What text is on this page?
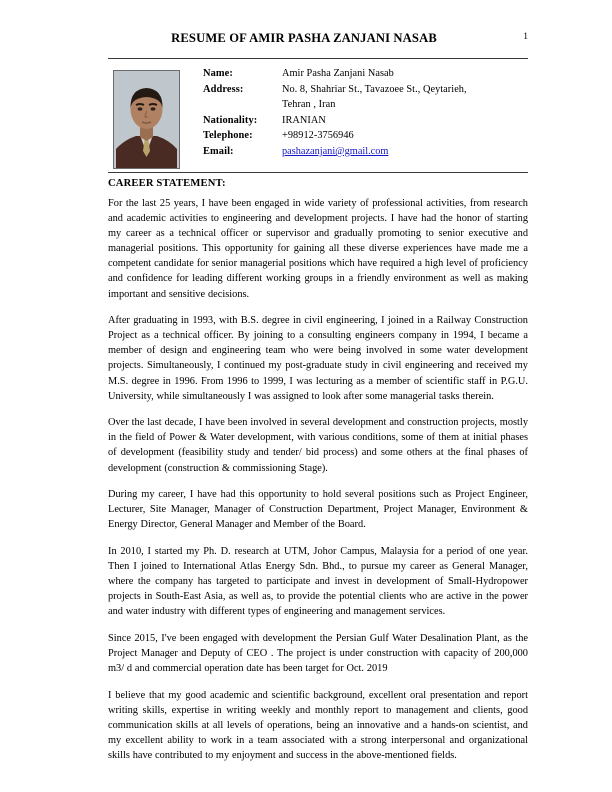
RESUME OF AMIR PASHA ZANJANI NASAB	1
Name:	Amir Pasha Zanjani Nasab
Address:	No. 8, Shahriar St., Tavazoee St., Qeytarieh,
Tehran , Iran
Nationality:	IRANIAN
Telephone:	+98912-3756946
Email:	pashazanjani@gmail.com
CAREER STATEMENT:

For the last 25 years, I have been engaged in wide variety of professional activities, from research and academic activities to engineering and development projects. I have had the honor of starting my career as a technical officer or supervisor and gradually promoting to senior executive and managerial positions. This opportunity for gaining all these diverse experiences have made me a competent candidate for senior managerial positions which have required a high level of proficiency and confidence for leading different working groups in a friendly environment as well as making important and sensitive decisions.

After graduating in 1993, with B.S. degree in civil engineering, I joined in a Railway Construction Project as a technical officer. By joining to a consulting engineers company in 1994, I became a member of design and engineering team who were being involved in some water development projects. Simultaneously, I continued my post-graduate study in civil engineering and received my M.S. degree in 1996. From 1996 to 1999, I was lecturing as a member of scientific staff in P.G.U. University, while simultaneously I was assigned to look after some managerial tasks therein.

Over the last decade, I have been involved in several development and construction projects, mostly in the field of Power & Water development, with various conditions, some of them at initial phases of development (feasibility study and tender/ bid process) and some others at the final phases of development (construction & commissioning Stage).

During my career, I have had this opportunity to hold several positions such as Project Engineer, Lecturer, Site Manager, Manager of Construction Department, Project Manager, Environment & Energy Director, General Manager and Member of the Board.

In 2010, I started my Ph. D. research at UTM, Johor Campus, Malaysia for a period of one year. Then I joined to International Atlas Energy Sdn. Bhd., to pursue my career as General Manager, where the company has targeted to participate and invest in development of Small-Hydropower projects in South-East Asia, as well as, to provide the potential clients who are active in the power and water industry with different types of engineering and management services.

Since 2015, I've been engaged with development the Persian Gulf Water Desalination Plant, as the Project Manager and Deputy of CEO . The project is under construction with capacity of 200,000 m3/ d and commercial operation date has been target for Oct. 2019

I believe that my good academic and scientific background, excellent oral presentation and report writing skills, expertise in writing weekly and monthly report to management and clients, good communication skills at all levels of operations, being an innovative and a hands-on scientist, and my excellent ability to work in a team associated with a strong interpersonal and organizational skills have contributed to my enjoyment and success in the above-mentioned fields.
